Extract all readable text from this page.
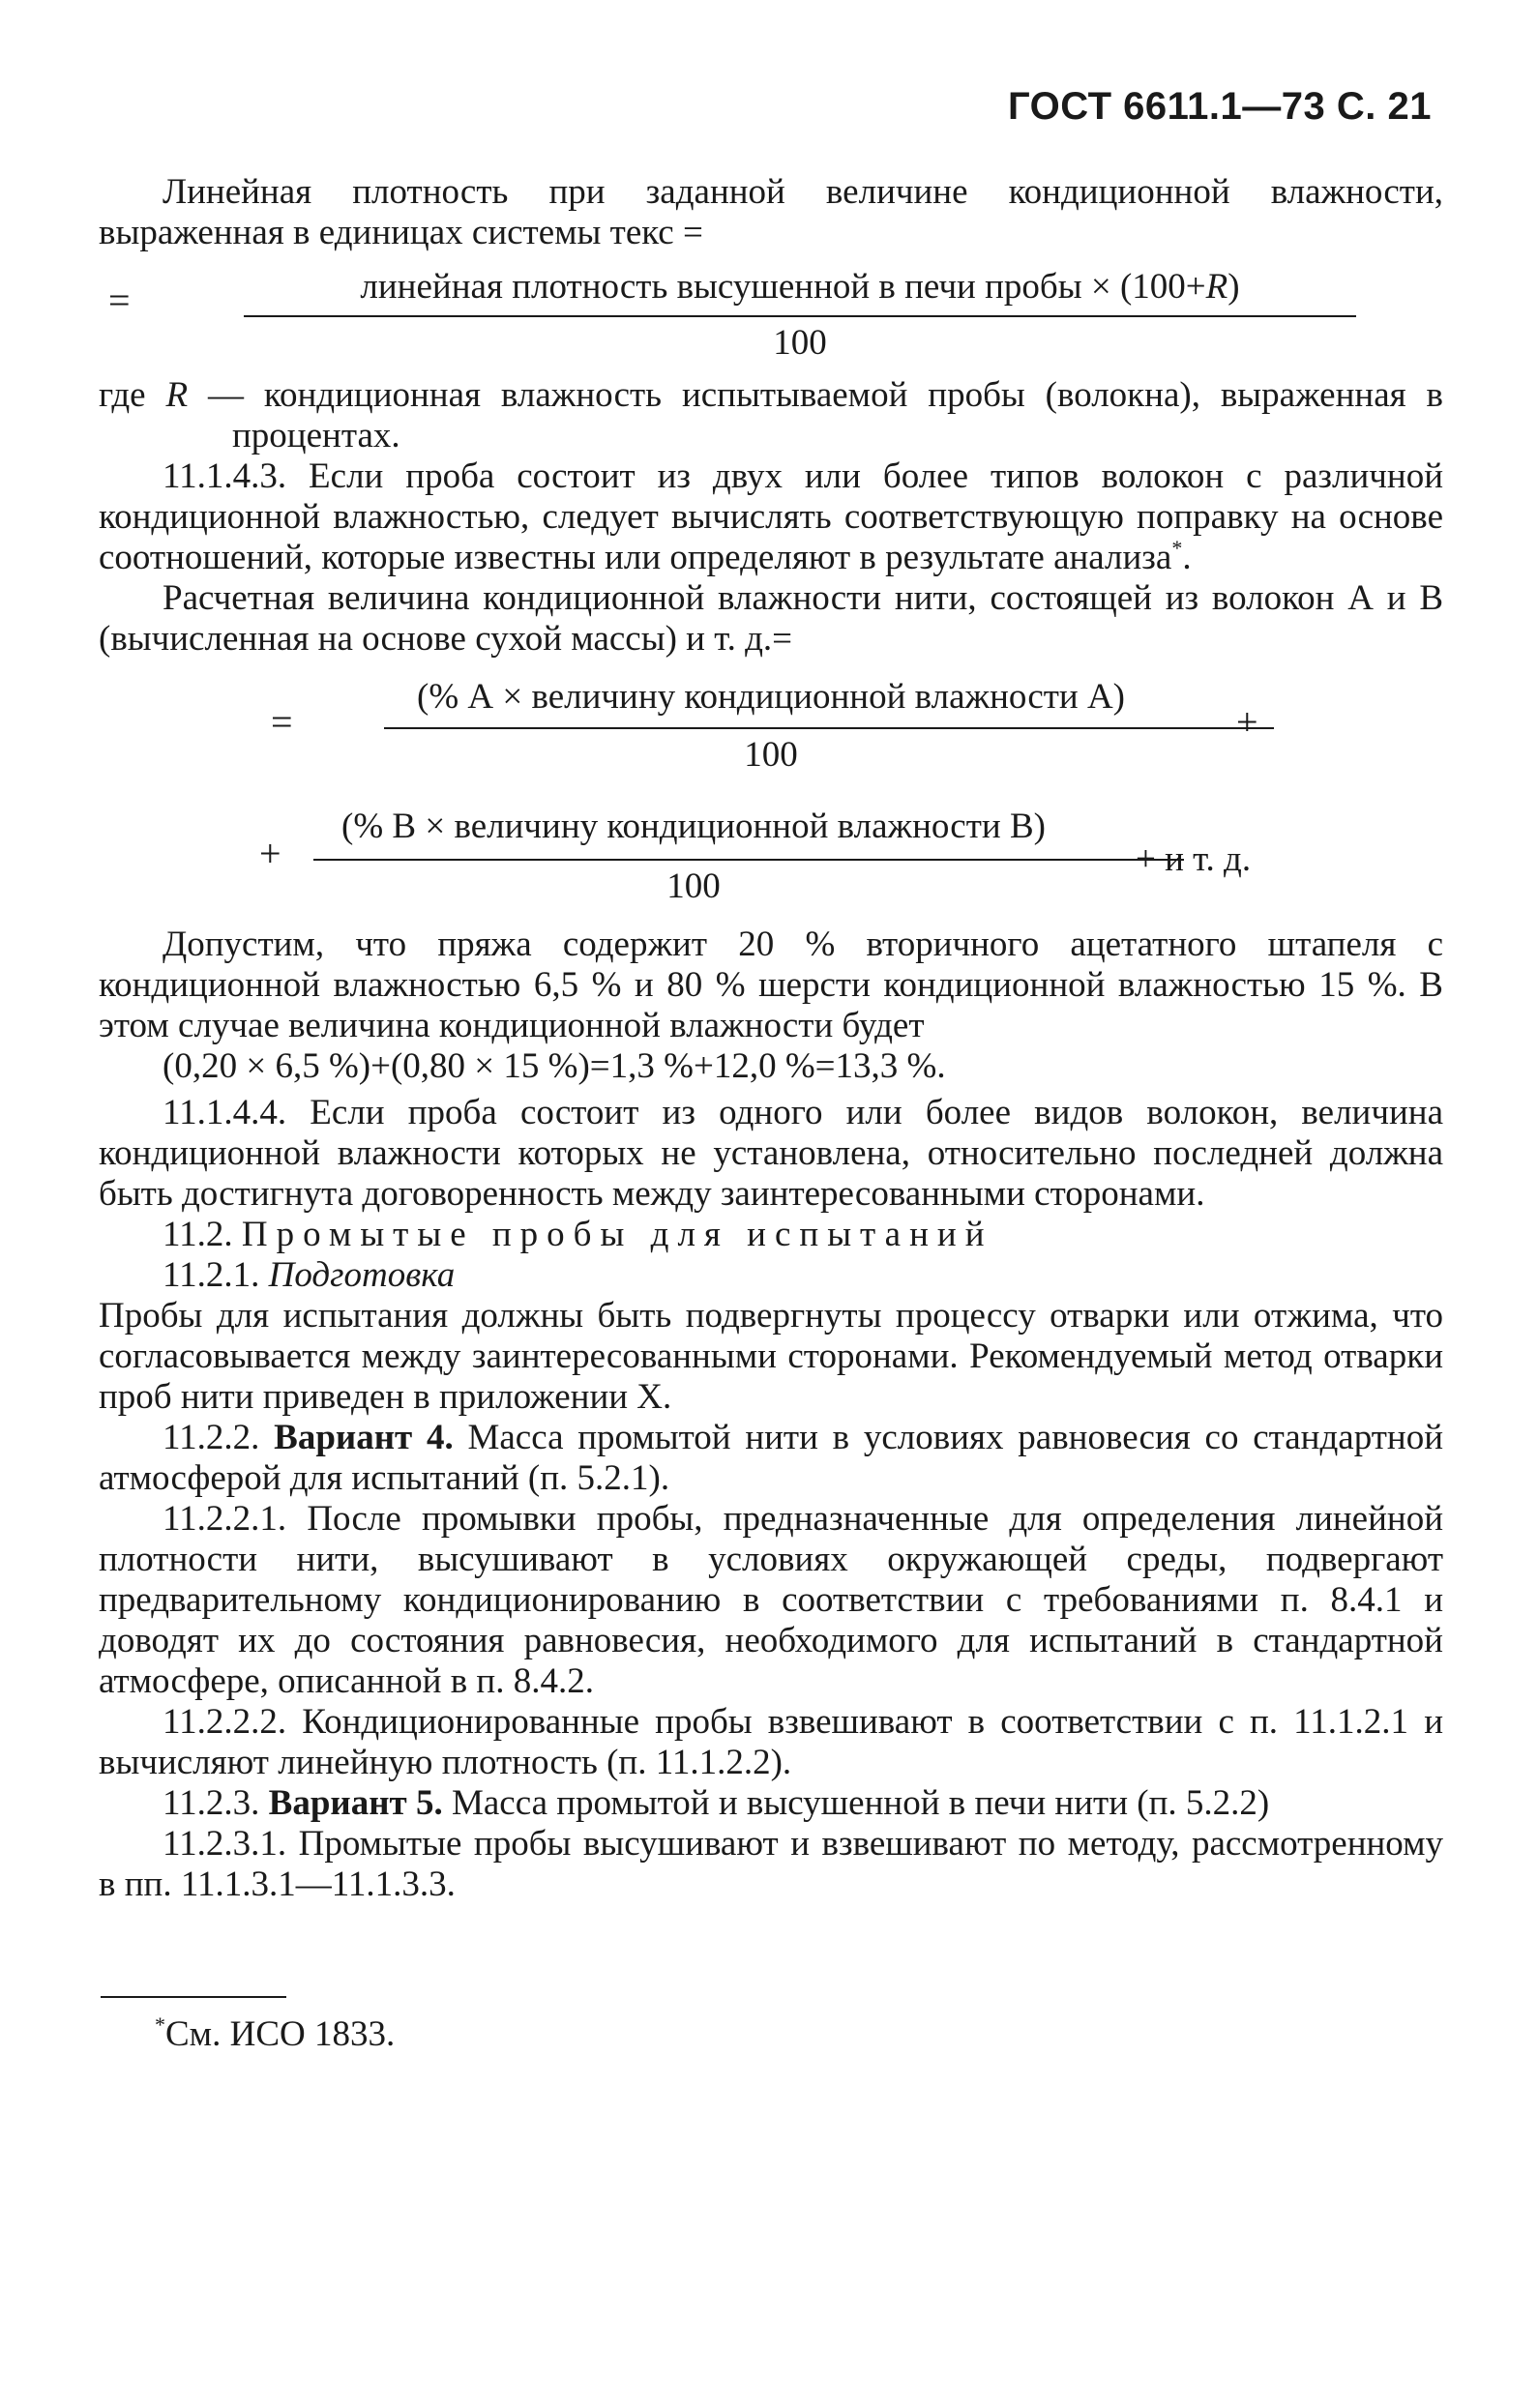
ГОСТ 6611.1—73 С. 21

Линейная плотность при заданной величине кондиционной влажности, выраженная в единицах системы текс =

=	линейная плотность высушенной в печи пробы × (100+R)
100

где R — кондиционная влажность испытываемой пробы (волокна), выраженная в процентах.

11.1.4.3. Если проба состоит из двух или более типов волокон с различной кондиционной влажностью, следует вычислять соответствующую поправку на основе соотношений, которые известны или определяют в результате анализа*.

Расчетная величина кондиционной влажности нити, состоящей из волокон А и В (вычисленная на основе сухой массы) и т. д.=

=
(% А × величину кондиционной влажности А)
100
+
+
(% В × величину кондиционной влажности В)
100
+ и т. д.

Допустим, что пряжа содержит 20 % вторичного ацетатного штапеля с кондиционной влажностью 6,5 % и 80 % шерсти кондиционной влажностью 15 %. В этом случае величина кондиционной влажности будет

(0,20 × 6,5 %)+(0,80 × 15 %)=1,3 %+12,0 %=13,3 %.

11.1.4.4. Если проба состоит из одного или более видов волокон, величина кондиционной влажности которых не установлена, относительно последней должна быть достигнута договоренность между заинтересованными сторонами.

11.2. Промытые пробы для испытаний

11.2.1. Подготовка

Пробы для испытания должны быть подвергнуты процессу отварки или отжима, что согласовывается между заинтересованными сторонами. Рекомендуемый метод отварки проб нити приведен в приложении X.

11.2.2. Вариант 4. Масса промытой нити в условиях равновесия со стандартной атмосферой для испытаний (п. 5.2.1).

11.2.2.1. После промывки пробы, предназначенные для определения линейной плотности нити, высушивают в условиях окружающей среды, подвергают предварительному кондиционированию в соответствии с требованиями п. 8.4.1 и доводят их до состояния равновесия, необходимого для испытаний в стандартной атмосфере, описанной в п. 8.4.2.

11.2.2.2. Кондиционированные пробы взвешивают в соответствии с п. 11.1.2.1 и вычисляют линейную плотность (п. 11.1.2.2).

11.2.3. Вариант 5. Масса промытой и высушенной в печи нити (п. 5.2.2)

11.2.3.1. Промытые пробы высушивают и взвешивают по методу, рассмотренному в пп. 11.1.3.1—11.1.3.3.

*См. ИСО 1833.
